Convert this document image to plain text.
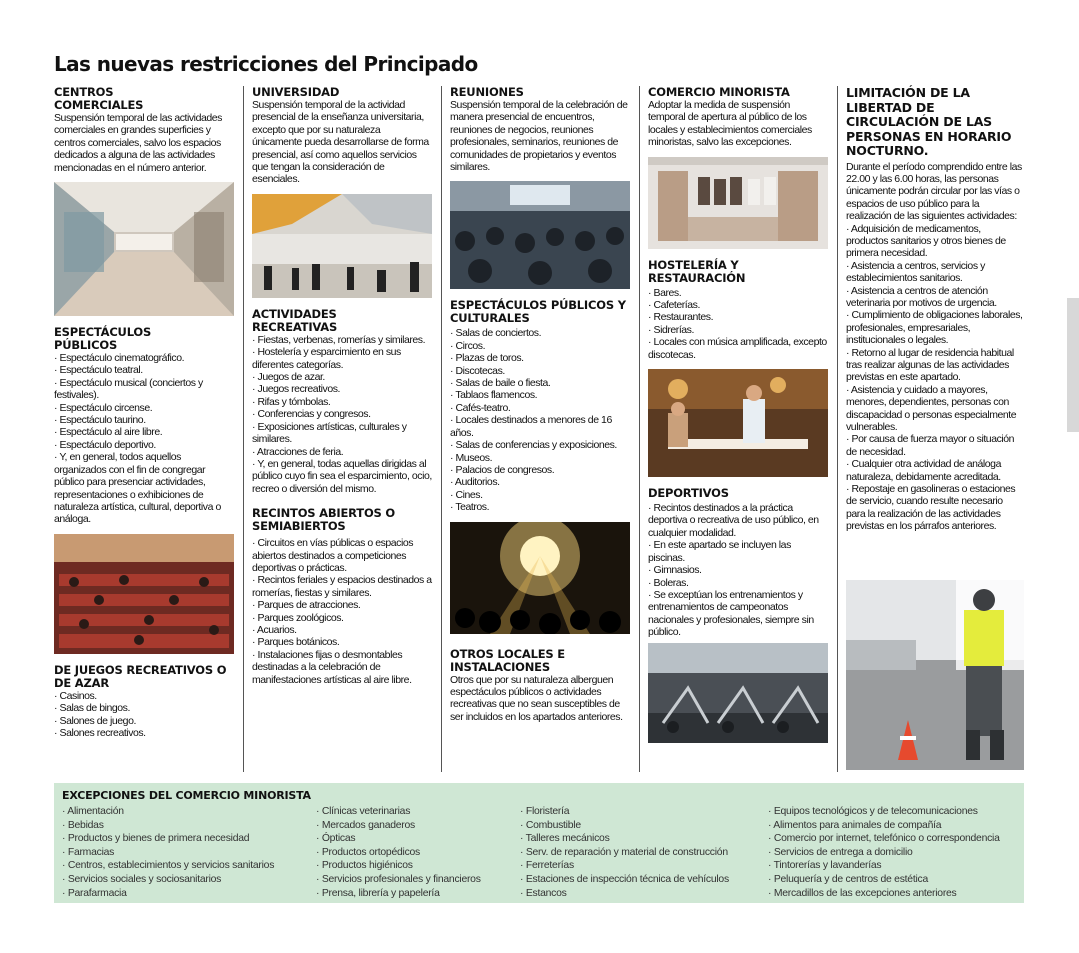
Las nuevas restricciones del Principado
CENTROS COMERCIALES

Suspensión temporal de las actividades comerciales en grandes superficies y centros comerciales, salvo los espacios dedicados a alguna de las actividades mencionadas en el número anterior.

ESPECTÁCULOS PÚBLICOS
· Espectáculo cinematográfico.
· Espectáculo teatral.
· Espectáculo musical (conciertos y festivales).
· Espectáculo circense.
· Espectáculo taurino.
· Espectáculo al aire libre.
· Espectáculo deportivo.
· Y, en general, todos aquellos organizados con el fin de congregar público para presenciar actividades, representaciones o exhibiciones de naturaleza artística, cultural, deportiva o análoga.
DE JUEGOS RECREATIVOS O DE AZAR
· Casinos.
· Salas de bingos.
· Salones de juego.
· Salones recreativos.
UNIVERSIDAD

Suspensión temporal de la actividad presencial de la enseñanza universitaria, excepto que por su naturaleza únicamente pueda desarrollarse de forma presencial, así como aquellos servicios que tengan la consideración de esenciales.

ACTIVIDADES RECREATIVAS
· Fiestas, verbenas, romerías y similares.
· Hostelería y esparcimiento en sus diferentes categorías.
· Juegos de azar.
· Juegos recreativos.
· Rifas y tómbolas.
· Conferencias y congresos.
· Exposiciones artísticas, culturales y similares.
· Atracciones de feria.
· Y, en general, todas aquellas dirigidas al público cuyo fin sea el esparcimiento, ocio, recreo o diversión del mismo.
RECINTOS ABIERTOS O SEMIABIERTOS
· Circuitos en vías públicas o espacios abiertos destinados a competiciones deportivas o prácticas.
· Recintos feriales y espacios destinados a romerías, fiestas y similares.
· Parques de atracciones.
· Parques zoológicos.
· Acuarios.
· Parques botánicos.
· Instalaciones fijas o desmontables destinadas a la celebración de manifestaciones artísticas al aire libre.
REUNIONES

Suspensión temporal de la celebración de manera presencial de encuentros, reuniones de negocios, reuniones profesionales, seminarios, reuniones de comunidades de propietarios y eventos similares.

ESPECTÁCULOS PÚBLICOS Y CULTURALES
· Salas de conciertos.
· Circos.
· Plazas de toros.
· Discotecas.
· Salas de baile o fiesta.
· Tablaos flamencos.
· Cafés-teatro.
· Locales destinados a menores de 16 años.
· Salas de conferencias y exposiciones.
· Museos.
· Palacios de congresos.
· Auditorios.
· Cines.
· Teatros.
OTROS LOCALES E INSTALACIONES

Otros que por su naturaleza alberguen espectáculos públicos o actividades recreativas que no sean susceptibles de ser incluidos en los apartados anteriores.

COMERCIO MINORISTA

Adoptar la medida de suspensión temporal de apertura al público de los locales y establecimientos comerciales minoristas, salvo las excepciones.

HOSTELERÍA Y RESTAURACIÓN
· Bares.
· Cafeterías.
· Restaurantes.
· Sidrerías.
· Locales con música amplificada, excepto discotecas.
DEPORTIVOS
· Recintos destinados a la práctica deportiva o recreativa de uso público, en cualquier modalidad.
· En este apartado se incluyen las piscinas.
· Gimnasios.
· Boleras.
· Se exceptúan los entrenamientos y entrenamientos de campeonatos nacionales y profesionales, siempre sin público.
LIMITACIÓN DE LA LIBERTAD DE CIRCULACIÓN DE LAS PERSONAS EN HORARIO NOCTURNO.

Durante el período comprendido entre las 22.00 y las 6.00 horas, las personas únicamente podrán circular por las vías o espacios de uso público para la realización de las siguientes actividades:

· Adquisición de medicamentos, productos sanitarios y otros bienes de primera necesidad.
· Asistencia a centros, servicios y establecimientos sanitarios.
· Asistencia a centros de atención veterinaria por motivos de urgencia.
· Cumplimiento de obligaciones laborales, profesionales, empresariales, institucionales o legales.
· Retorno al lugar de residencia habitual tras realizar algunas de las actividades previstas en este apartado.
· Asistencia y cuidado a mayores, menores, dependientes, personas con discapacidad o personas especialmente vulnerables.
· Por causa de fuerza mayor o situación de necesidad.
· Cualquier otra actividad de análoga naturaleza, debidamente acreditada.
· Repostaje en gasolineras o estaciones de servicio, cuando resulte necesario para la realización de las actividades previstas en los párrafos anteriores.
EXCEPCIONES DEL COMERCIO MINORISTA
· Alimentación
· Bebidas
· Productos y bienes de primera necesidad
· Farmacias
· Centros, establecimientos y servicios sanitarios
· Servicios sociales y sociosanitarios
· Parafarmacia
· Clínicas veterinarias
· Mercados ganaderos
· Ópticas
· Productos ortopédicos
· Productos higiénicos
· Servicios profesionales y financieros
· Prensa, librería y papelería
· Floristería
· Combustible
· Talleres mecánicos
· Serv. de reparación y material de construcción
· Ferreterías
· Estaciones de inspección técnica de vehículos
· Estancos
· Equipos tecnológicos y de telecomunicaciones
· Alimentos para animales de compañía
· Comercio por internet, telefónico o correspondencia
· Servicios de entrega a domicilio
· Tintorerías y lavanderías
· Peluquería y de centros de estética
· Mercadillos de las excepciones anteriores
